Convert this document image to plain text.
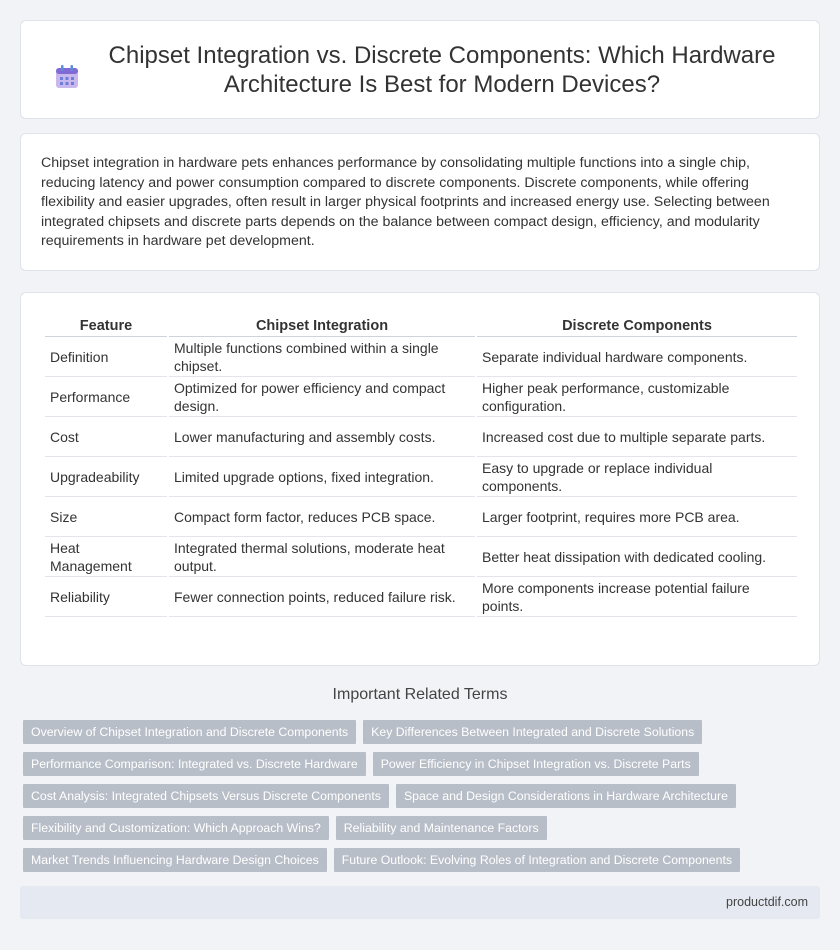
Chipset Integration vs. Discrete Components: Which Hardware Architecture Is Best for Modern Devices?

Chipset integration in hardware pets enhances performance by consolidating multiple functions into a single chip, reducing latency and power consumption compared to discrete components. Discrete components, while offering flexibility and easier upgrades, often result in larger physical footprints and increased energy use. Selecting between integrated chipsets and discrete parts depends on the balance between compact design, efficiency, and modularity requirements in hardware pet development.

Feature	Chipset Integration	Discrete Components
Definition	Multiple functions combined within a single chipset.	Separate individual hardware components.
Performance	Optimized for power efficiency and compact design.	Higher peak performance, customizable configuration.
Cost	Lower manufacturing and assembly costs.	Increased cost due to multiple separate parts.
Upgradeability	Limited upgrade options, fixed integration.	Easy to upgrade or replace individual components.
Size	Compact form factor, reduces PCB space.	Larger footprint, requires more PCB area.
Heat Management	Integrated thermal solutions, moderate heat output.	Better heat dissipation with dedicated cooling.
Reliability	Fewer connection points, reduced failure risk.	More components increase potential failure points.
Important Related Terms
Overview of Chipset Integration and Discrete Components	Key Differences Between Integrated and Discrete Solutions
Performance Comparison: Integrated vs. Discrete Hardware	Power Efficiency in Chipset Integration vs. Discrete Parts
Cost Analysis: Integrated Chipsets Versus Discrete Components	Space and Design Considerations in Hardware Architecture
Flexibility and Customization: Which Approach Wins?	Reliability and Maintenance Factors
Market Trends Influencing Hardware Design Choices	Future Outlook: Evolving Roles of Integration and Discrete Components
productdif.com
